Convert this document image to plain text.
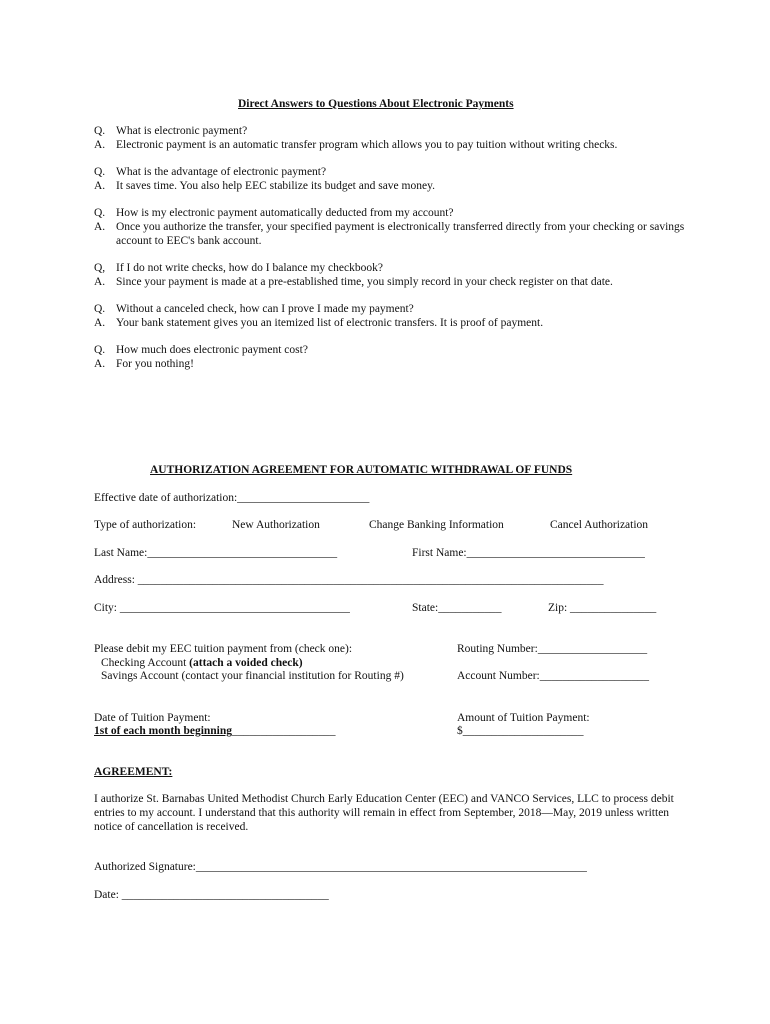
Direct Answers to Questions About Electronic Payments
Q. What is electronic payment?
A. Electronic payment is an automatic transfer program which allows you to pay tuition without writing checks.
Q. What is the advantage of electronic payment?
A. It saves time. You also help EEC stabilize its budget and save money.
Q. How is my electronic payment automatically deducted from my account?
A. Once you authorize the transfer, your specified payment is electronically transferred directly from your checking or savings account to EEC's bank account.
Q, If I do not write checks, how do I balance my checkbook?
A. Since your payment is made at a pre-established time, you simply record in your check register on that date.
Q. Without a canceled check, how can I prove I made my payment?
A. Your bank statement gives you an itemized list of electronic transfers. It is proof of payment.
Q. How much does electronic payment cost?
A. For you nothing!
AUTHORIZATION AGREEMENT FOR AUTOMATIC WITHDRAWAL OF FUNDS
Effective date of authorization:_______________________
Type of authorization:	New Authorization	Change Banking Information	Cancel Authorization
Last Name:_________________________________	First Name:_______________________________
Address: _________________________________________________________________________________
City: ________________________________________	State:___________	Zip: _______________
Please debit my EEC tuition payment from (check one):
Checking Account (attach a voided check)
Savings Account (contact your financial institution for Routing #)
Routing Number:___________________
Account Number:___________________
Date of Tuition Payment:
1st of each month beginning__________________
Amount of Tuition Payment:
$_____________________
AGREEMENT:
I authorize St. Barnabas United Methodist Church Early Education Center (EEC) and VANCO Services, LLC to process debit entries to my account. I understand that this authority will remain in effect from September, 2018—May, 2019 unless written notice of cancellation is received.
Authorized Signature:____________________________________________________________________
Date: ____________________________________
